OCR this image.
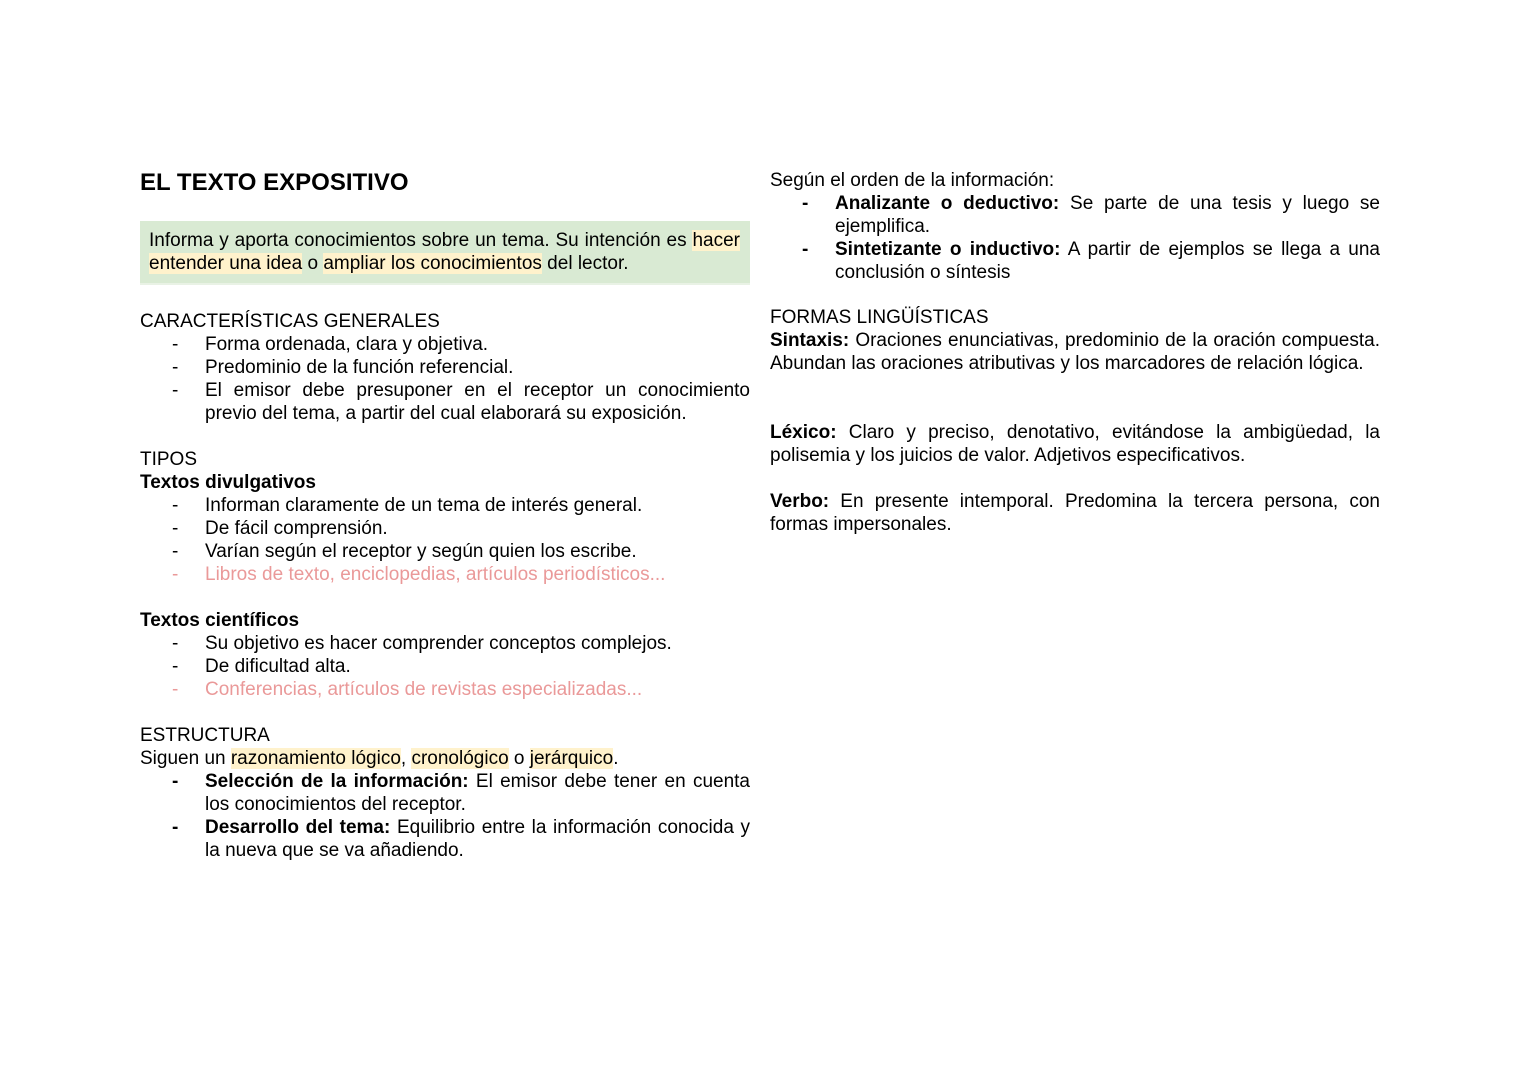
EL TEXTO EXPOSITIVO
Informa y aporta conocimientos sobre un tema. Su intención es hacer entender una idea o ampliar los conocimientos del lector.
CARACTERÍSTICAS GENERALES
- Forma ordenada, clara y objetiva.
- Predominio de la función referencial.
- El emisor debe presuponer en el receptor un conocimiento previo del tema, a partir del cual elaborará su exposición.
TIPOS
Textos divulgativos
- Informan claramente de un tema de interés general.
- De fácil comprensión.
- Varían según el receptor y según quien los escribe.
- Libros de texto, enciclopedias, artículos periodísticos...
Textos científicos
- Su objetivo es hacer comprender conceptos complejos.
- De dificultad alta.
- Conferencias, artículos de revistas especializadas...
ESTRUCTURA
Siguen un razonamiento lógico, cronológico o jerárquico.
- Selección de la información: El emisor debe tener en cuenta los conocimientos del receptor.
- Desarrollo del tema: Equilibrio entre la información conocida y la nueva que se va añadiendo.
Según el orden de la información:
- Analizante o deductivo: Se parte de una tesis y luego se ejemplifica.
- Sintetizante o inductivo: A partir de ejemplos se llega a una conclusión o síntesis
FORMAS LINGÜÍSTICAS
Sintaxis: Oraciones enunciativas, predominio de la oración compuesta. Abundan las oraciones atributivas y los marcadores de relación lógica.
Léxico: Claro y preciso, denotativo, evitándose la ambigüedad, la polisemia y los juicios de valor. Adjetivos especificativos.
Verbo: En presente intemporal. Predomina la tercera persona, con formas impersonales.
